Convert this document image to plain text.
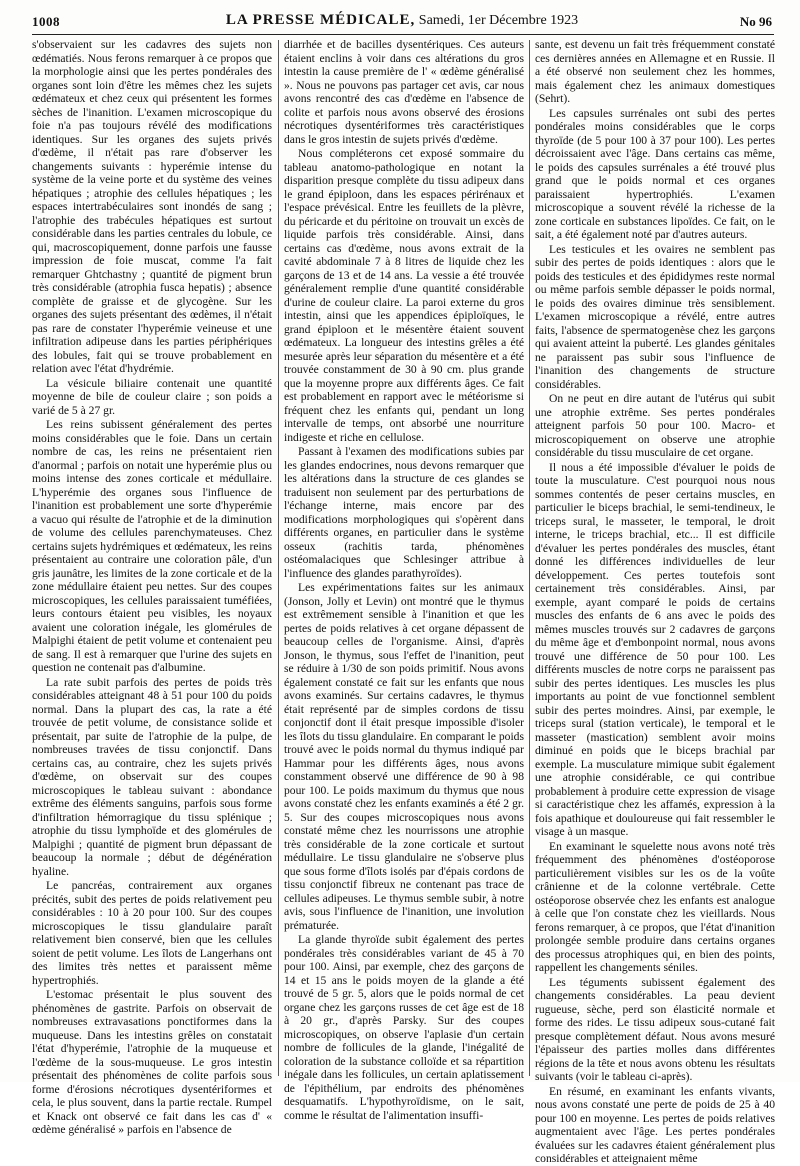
1008	LA PRESSE MÉDICALE, Samedi, 1er Décembre 1923	No 96

s'observaient sur les cadavres des sujets non œdématiés. Nous ferons remarquer à ce propos que la morphologie ainsi que les pertes pondérales des organes sont loin d'être les mêmes chez les sujets œdémateux et chez ceux qui présentent les formes sèches de l'inanition. L'examen microscopique du foie n'a pas toujours révélé des modifications identiques. Sur les organes des sujets privés d'œdème, il n'était pas rare d'observer les changements suivants : hyperémie intense du système de la veine porte et du système des veines hépatiques ; atrophie des cellules hépatiques ; les espaces intertrabéculaires sont inondés de sang ; l'atrophie des trabécules hépatiques est surtout considérable dans les parties centrales du lobule, ce qui, macroscopiquement, donne parfois une fausse impression de foie muscat, comme l'a fait remarquer Ghtchastny ; quantité de pigment brun très considérable (atrophia fusca hepatis) ; absence complète de graisse et de glycogène. Sur les organes des sujets présentant des œdèmes, il n'était pas rare de constater l'hyperémie veineuse et une infiltration adipeuse dans les parties périphériques des lobules, fait qui se trouve probablement en relation avec l'état d'hydrémie.

La vésicule biliaire contenait une quantité moyenne de bile de couleur claire ; son poids a varié de 5 à 27 gr.

Les reins subissent généralement des pertes moins considérables que le foie. Dans un certain nombre de cas, les reins ne présentaient rien d'anormal ; parfois on notait une hyperémie plus ou moins intense des zones corticale et médullaire. L'hyperémie des organes sous l'influence de l'inanition est probablement une sorte d'hyperémie a vacuo qui résulte de l'atrophie et de la diminution de volume des cellules parenchymateuses. Chez certains sujets hydrémiques et œdémateux, les reins présentaient au contraire une coloration pâle, d'un gris jaunâtre, les limites de la zone corticale et de la zone médullaire étaient peu nettes. Sur des coupes microscopiques, les cellules paraissaient tuméfiées, leurs contours étaient peu visibles, les noyaux avaient une coloration inégale, les glomérules de Malpighi étaient de petit volume et contenaient peu de sang. Il est à remarquer que l'urine des sujets en question ne contenait pas d'albumine.

La rate subit parfois des pertes de poids très considérables atteignant 48 à 51 pour 100 du poids normal. Dans la plupart des cas, la rate a été trouvée de petit volume, de consistance solide et présentait, par suite de l'atrophie de la pulpe, de nombreuses travées de tissu conjonctif. Dans certains cas, au contraire, chez les sujets privés d'œdème, on observait sur des coupes microscopiques le tableau suivant : abondance extrême des éléments sanguins, parfois sous forme d'infiltration hémorragique du tissu splénique ; atrophie du tissu lymphoïde et des glomérules de Malpighi ; quantité de pigment brun dépassant de beaucoup la normale ; début de dégénération hyaline.

Le pancréas, contrairement aux organes précités, subit des pertes de poids relativement peu considérables : 10 à 20 pour 100. Sur des coupes microscopiques le tissu glandulaire paraît relativement bien conservé, bien que les cellules soient de petit volume. Les îlots de Langerhans ont des limites très nettes et paraissent même hypertrophiés.

L'estomac présentait le plus souvent des phénomènes de gastrite. Parfois on observait de nombreuses extravasations ponctiformes dans la muqueuse. Dans les intestins grêles on constatait l'état d'hyperémie, l'atrophie de la muqueuse et l'œdème de la sous-muqueuse. Le gros intestin présentait des phénomènes de colite parfois sous forme d'érosions nécrotiques dysentériformes et cela, le plus souvent, dans la partie rectale. Rumpel et Knack ont observé ce fait dans les cas d' « œdème généralisé » parfois en l'absence de

diarrhée et de bacilles dysentériques. Ces auteurs étaient enclins à voir dans ces altérations du gros intestin la cause première de l' « œdème généralisé ». Nous ne pouvons pas partager cet avis, car nous avons rencontré des cas d'œdème en l'absence de colite et parfois nous avons observé des érosions nécrotiques dysentériformes très caractéristiques dans le gros intestin de sujets privés d'œdème.

Nous compléterons cet exposé sommaire du tableau anatomo-pathologique en notant la disparition presque complète du tissu adipeux dans le grand épiploon, dans les espaces périrénaux et l'espace prévésical. Entre les feuillets de la plèvre, du péricarde et du péritoine on trouvait un excès de liquide parfois très considérable. Ainsi, dans certains cas d'œdème, nous avons extrait de la cavité abdominale 7 à 8 litres de liquide chez les garçons de 13 et de 14 ans. La vessie a été trouvée généralement remplie d'une quantité considérable d'urine de couleur claire. La paroi externe du gros intestin, ainsi que les appendices épiploïques, le grand épiploon et le mésentère étaient souvent œdémateux. La longueur des intestins grêles a été mesurée après leur séparation du mésentère et a été trouvée constamment de 30 à 90 cm. plus grande que la moyenne propre aux différents âges. Ce fait est probablement en rapport avec le météorisme si fréquent chez les enfants qui, pendant un long intervalle de temps, ont absorbé une nourriture indigeste et riche en cellulose.

Passant à l'examen des modifications subies par les glandes endocrines, nous devons remarquer que les altérations dans la structure de ces glandes se traduisent non seulement par des perturbations de l'échange interne, mais encore par des modifications morphologiques qui s'opèrent dans différents organes, en particulier dans le système osseux (rachitis tarda, phénomènes ostéomalaciques que Schlesinger attribue à l'influence des glandes parathyroïdes).

Les expérimentations faites sur les animaux (Jonson, Jolly et Levin) ont montré que le thymus est extrêmement sensible à l'inanition et que les pertes de poids relatives à cet organe dépassent de beaucoup celles de l'organisme. Ainsi, d'après Jonson, le thymus, sous l'effet de l'inanition, peut se réduire à 1/30 de son poids primitif. Nous avons également constaté ce fait sur les enfants que nous avons examinés. Sur certains cadavres, le thymus était représenté par de simples cordons de tissu conjonctif dont il était presque impossible d'isoler les îlots du tissu glandulaire. En comparant le poids trouvé avec le poids normal du thymus indiqué par Hammar pour les différents âges, nous avons constamment observé une différence de 90 à 98 pour 100. Le poids maximum du thymus que nous avons constaté chez les enfants examinés a été 2 gr. 5. Sur des coupes microscopiques nous avons constaté même chez les nourrissons une atrophie très considérable de la zone corticale et surtout médullaire. Le tissu glandulaire ne s'observe plus que sous forme d'îlots isolés par d'épais cordons de tissu conjonctif fibreux ne contenant pas trace de cellules adipeuses. Le thymus semble subir, à notre avis, sous l'influence de l'inanition, une involution prématurée.

La glande thyroïde subit également des pertes pondérales très considérables variant de 45 à 70 pour 100. Ainsi, par exemple, chez des garçons de 14 et 15 ans le poids moyen de la glande a été trouvé de 5 gr. 5, alors que le poids normal de cet organe chez les garçons russes de cet âge est de 18 à 20 gr., d'après Parsky. Sur des coupes microscopiques, on observe l'aplasie d'un certain nombre de follicules de la glande, l'inégalité de coloration de la substance colloïde et sa répartition inégale dans les follicules, un certain aplatissement de l'épithélium, par endroits des phénomènes desquamatifs. L'hypothyroïdisme, on le sait, comme le résultat de l'alimentation insuffi-

sante, est devenu un fait très fréquemment constaté ces dernières années en Allemagne et en Russie. Il a été observé non seulement chez les hommes, mais également chez les animaux domestiques (Sehrt).

Les capsules surrénales ont subi des pertes pondérales moins considérables que le corps thyroïde (de 5 pour 100 à 37 pour 100). Les pertes décroissaient avec l'âge. Dans certains cas même, le poids des capsules surrénales a été trouvé plus grand que le poids normal et ces organes paraissaient hypertrophiés. L'examen microscopique a souvent révélé la richesse de la zone corticale en substances lipoïdes. Ce fait, on le sait, a été également noté par d'autres auteurs.

Les testicules et les ovaires ne semblent pas subir des pertes de poids identiques : alors que le poids des testicules et des épididymes reste normal ou même parfois semble dépasser le poids normal, le poids des ovaires diminue très sensiblement. L'examen microscopique a révélé, entre autres faits, l'absence de spermatogenèse chez les garçons qui avaient atteint la puberté. Les glandes génitales ne paraissent pas subir sous l'influence de l'inanition des changements de structure considérables.

On ne peut en dire autant de l'utérus qui subit une atrophie extrême. Ses pertes pondérales atteignent parfois 50 pour 100. Macro- et microscopiquement on observe une atrophie considérable du tissu musculaire de cet organe.

Il nous a été impossible d'évaluer le poids de toute la musculature. C'est pourquoi nous nous sommes contentés de peser certains muscles, en particulier le biceps brachial, le semi-tendineux, le triceps sural, le masseter, le temporal, le droit interne, le triceps brachial, etc... Il est difficile d'évaluer les pertes pondérales des muscles, étant donné les différences individuelles de leur développement. Ces pertes toutefois sont certainement très considérables. Ainsi, par exemple, ayant comparé le poids de certains muscles des enfants de 6 ans avec le poids des mêmes muscles trouvés sur 2 cadavres de garçons du même âge et d'embonpoint normal, nous avons trouvé une différence de 50 pour 100. Les différents muscles de notre corps ne paraissent pas subir des pertes identiques. Les muscles les plus importants au point de vue fonctionnel semblent subir des pertes moindres. Ainsi, par exemple, le triceps sural (station verticale), le temporal et le masseter (mastication) semblent avoir moins diminué en poids que le biceps brachial par exemple. La musculature mimique subit également une atrophie considérable, ce qui contribue probablement à produire cette expression de visage si caractéristique chez les affamés, expression à la fois apathique et douloureuse qui fait ressembler le visage à un masque.

En examinant le squelette nous avons noté très fréquemment des phénomènes d'ostéoporose particulièrement visibles sur les os de la voûte crânienne et de la colonne vertébrale. Cette ostéoporose observée chez les enfants est analogue à celle que l'on constate chez les vieillards. Nous ferons remarquer, à ce propos, que l'état d'inanition prolongée semble produire dans certains organes des processus atrophiques qui, en bien des points, rappellent les changements séniles.

Les téguments subissent également des changements considérables. La peau devient rugueuse, sèche, perd son élasticité normale et forme des rides. Le tissu adipeux sous-cutané fait presque complètement défaut. Nous avons mesuré l'épaisseur des parties molles dans différentes régions de la tête et nous avons obtenu les résultats suivants (voir le tableau ci-après).

En résumé, en examinant les enfants vivants, nous avons constaté une perte de poids de 25 à 40 pour 100 en moyenne. Les pertes de poids relatives augmentaient avec l'âge. Les pertes pondérales évaluées sur les cadavres étaient généralement plus considérables et atteignaient même
